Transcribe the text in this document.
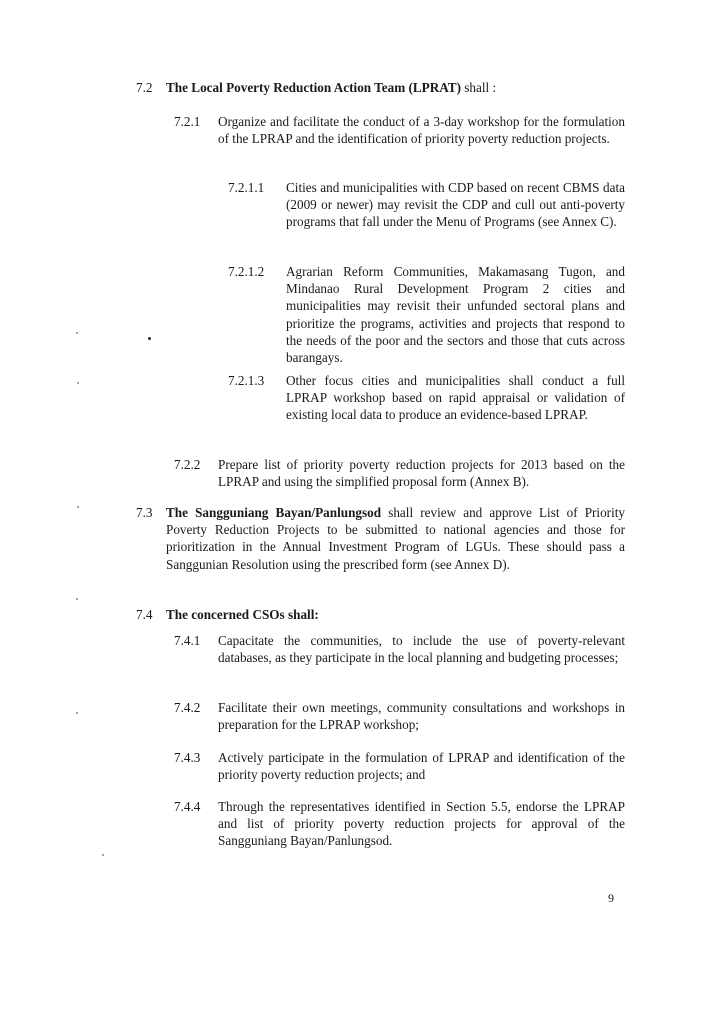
7.2 The Local Poverty Reduction Action Team (LPRAT) shall :
7.2.1 Organize and facilitate the conduct of a 3-day workshop for the formulation of the LPRAP and the identification of priority poverty reduction projects.
7.2.1.1 Cities and municipalities with CDP based on recent CBMS data (2009 or newer) may revisit the CDP and cull out anti-poverty programs that fall under the Menu of Programs (see Annex C).
7.2.1.2 Agrarian Reform Communities, Makamasang Tugon, and Mindanao Rural Development Program 2 cities and municipalities may revisit their unfunded sectoral plans and prioritize the programs, activities and projects that respond to the needs of the poor and the sectors and those that cuts across barangays.
7.2.1.3 Other focus cities and municipalities shall conduct a full LPRAP workshop based on rapid appraisal or validation of existing local data to produce an evidence-based LPRAP.
7.2.2 Prepare list of priority poverty reduction projects for 2013 based on the LPRAP and using the simplified proposal form (Annex B).
7.3 The Sangguniang Bayan/Panlungsod shall review and approve List of Priority Poverty Reduction Projects to be submitted to national agencies and those for prioritization in the Annual Investment Program of LGUs. These should pass a Sanggunian Resolution using the prescribed form (see Annex D).
7.4 The concerned CSOs shall:
7.4.1 Capacitate the communities, to include the use of poverty-relevant databases, as they participate in the local planning and budgeting processes;
7.4.2 Facilitate their own meetings, community consultations and workshops in preparation for the LPRAP workshop;
7.4.3 Actively participate in the formulation of LPRAP and identification of the priority poverty reduction projects; and
7.4.4 Through the representatives identified in Section 5.5, endorse the LPRAP and list of priority poverty reduction projects for approval of the Sangguniang Bayan/Panlungsod.
9
